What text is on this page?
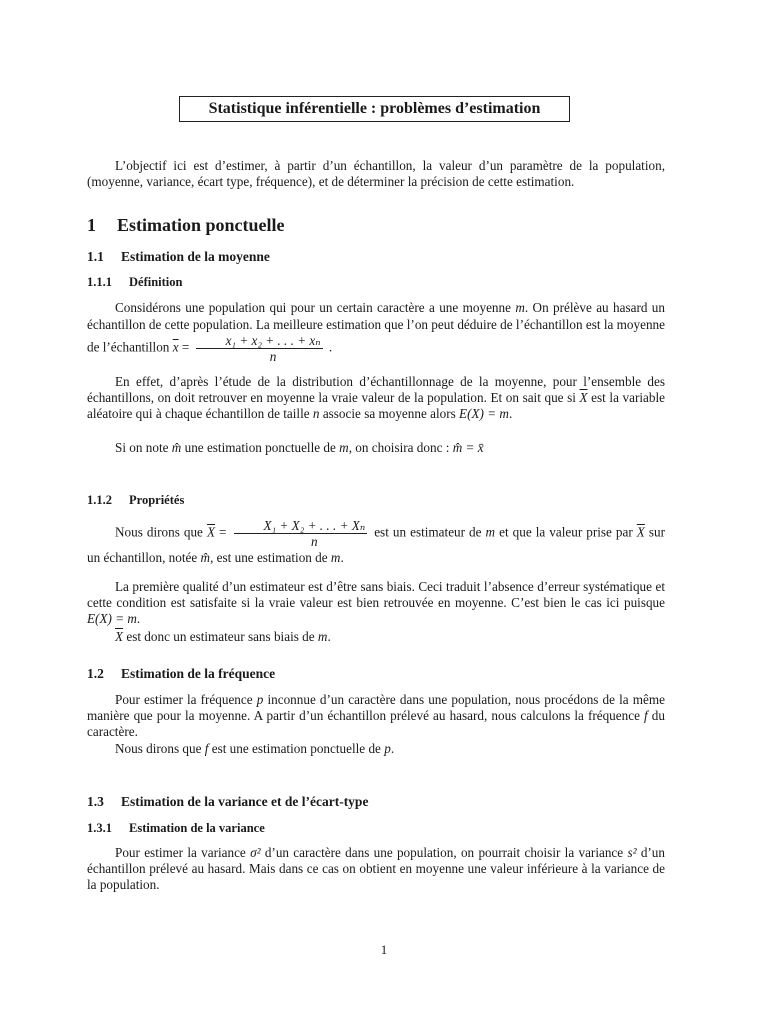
Statistique inférentielle : problèmes d’estimation
L’objectif ici est d’estimer, à partir d’un échantillon, la valeur d’un paramètre de la population, (moyenne, variance, écart type, fréquence), et de déterminer la précision de cette estimation.
1 Estimation ponctuelle
1.1 Estimation de la moyenne
1.1.1 Définition
Considérons une population qui pour un certain caractère a une moyenne m. On prélève au hasard un échantillon de cette population. La meilleure estimation que l’on peut déduire de l’échantillon est la moyenne de l’échantillon $\overline{x} = \frac{\text{x₁ + x₂ + . . . + xₙ}}{n}$ .
En effet, d’après l’étude de la distribution d’échantillonnage de la moyenne, pour l’ensemble des échantillons, on doit retrouver en moyenne la vraie valeur de la population. Et on sait que si $\overline{X}$ est la variable aléatoire qui à chaque échantillon de taille n associe sa moyenne alors E(X) = m.
Si on note m̂ une estimation ponctuelle de m, on choisira donc : m̂ = x̄
1.1.2 Propriétés
Nous dirons que $\overline{X} = \frac{\text{X₁ + X₂ + . . . + Xₙ}}{n}$ est un estimateur de m et que la valeur prise par $\overline{X}$ sur un échantillon, notée m̂, est une estimation de m.
La première qualité d’un estimateur est d’être sans biais. Ceci traduit l’absence d’erreur systématique et cette condition est satisfaite si la vraie valeur est bien retrouvée en moyenne. C’est bien le cas ici puisque E(X) = m.
$\overline{X}$ est donc un estimateur sans biais de m.
1.2 Estimation de la fréquence
Pour estimer la fréquence p inconnue d’un caractère dans une population, nous procédons de la même manière que pour la moyenne. A partir d’un échantillon prélevé au hasard, nous calculons la fréquence f du caractère.
Nous dirons que f est une estimation ponctuelle de p.
1.3 Estimation de la variance et de l’écart-type
1.3.1 Estimation de la variance
Pour estimer la variance σ² d’un caractère dans une population, on pourrait choisir la variance s² d’un échantillon prélevé au hasard. Mais dans ce cas on obtient en moyenne une valeur inférieure à la variance de la population.
1
